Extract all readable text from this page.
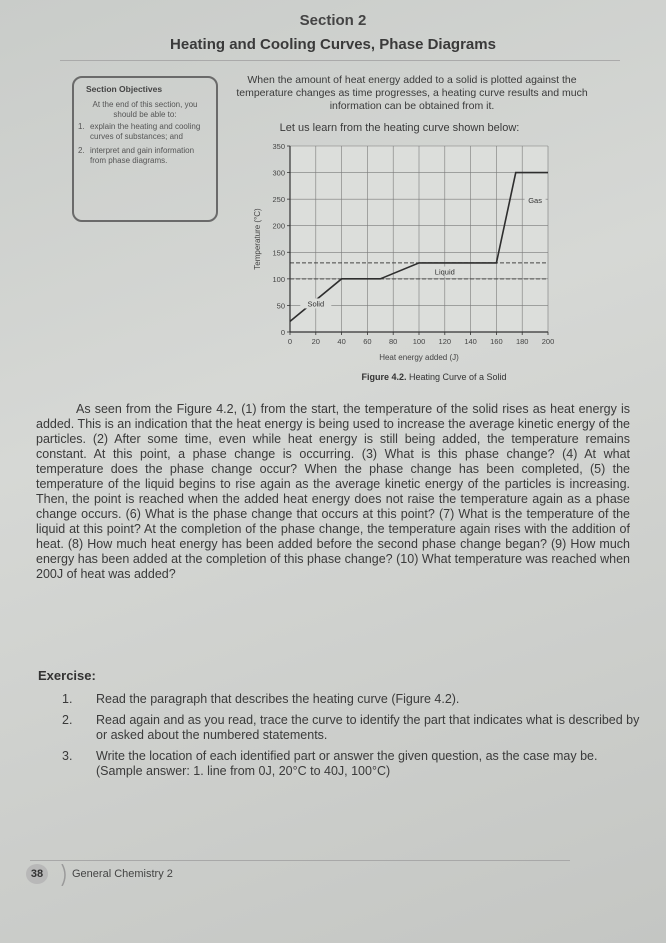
Section 2
Heating and Cooling Curves, Phase Diagrams
Section Objectives
At the end of this section, you should be able to:
1. explain the heating and cooling curves of substances; and
2. interpret and gain information from phase diagrams.
When the amount of heat energy added to a solid is plotted against the temperature changes as time progresses, a heating curve results and much information can be obtained from it.
Let us learn from the heating curve shown below:
0
50
100
150
200
250
300
350
0	20 40 60 80 100 120 140 160 180 200
Solid
Liquid
Gas
Heat energy added (J)
Temperature (°C)
Figure 4.2. Heating Curve of a Solid
As seen from the Figure 4.2, (1) from the start, the temperature of the solid rises as heat energy is added. This is an indication that the heat energy is being used to increase the average kinetic energy of the particles. (2) After some time, even while heat energy is still being added, the temperature remains constant. At this point, a phase change is occurring. (3) What is this phase change? (4) At what temperature does the phase change occur? When the phase change has been completed, (5) the temperature of the liquid begins to rise again as the average kinetic energy of the particles is increasing. Then, the point is reached when the added heat energy does not raise the temperature again as a phase change occurs. (6) What is the phase change that occurs at this point? (7) What is the temperature of the liquid at this point? At the completion of the phase change, the temperature again rises with the addition of heat. (8) How much heat energy has been added before the second phase change began? (9) How much energy has been added at the completion of this phase change? (10) What temperature was reached when 200J of heat was added?
Exercise:
1. Read the paragraph that describes the heating curve (Figure 4.2).
2. Read again and as you read, trace the curve to identify the part that indicates what is described by or asked about the numbered statements.
3. Write the location of each identified part or answer the given question, as the case may be. (Sample answer: 1. line from 0J, 20°C to 40J, 100°C)
38	General Chemistry 2
